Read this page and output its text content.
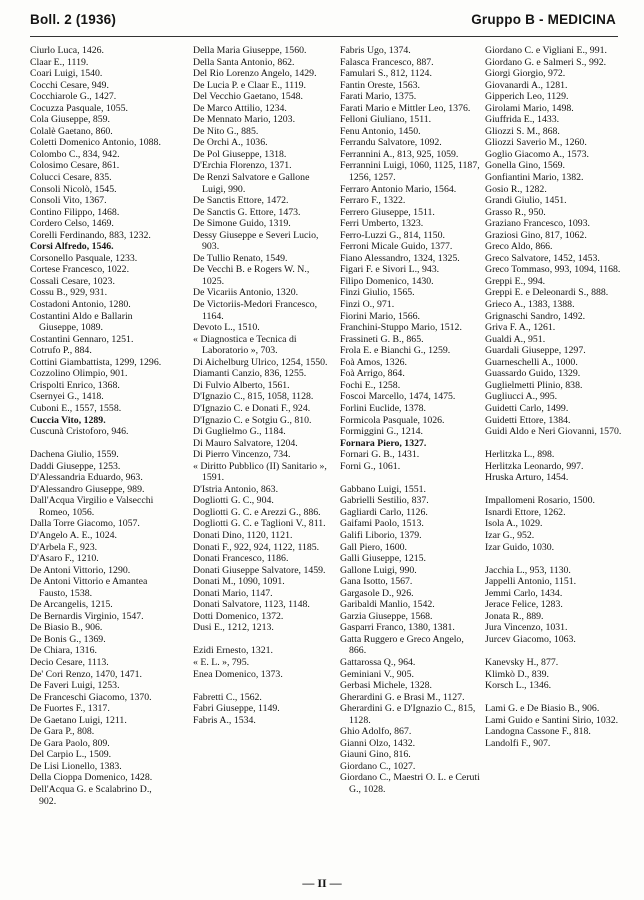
Boll. 2 (1936)	Gruppo B - MEDICINA
Ciurlo Luca, 1426.
Claar E., 1119.
Coari Luigi, 1540.
Cocchi Cesare, 949.
Cocchiarole G., 1427.
Cocuzza Pasquale, 1055.
Cola Giuseppe, 859.
Colalè Gaetano, 860.
Coletti Domenico Antonio, 1088.
Colombo C., 834, 942.
Colosimo Cesare, 861.
Colucci Cesare, 835.
Consoli Nicolò, 1545.
Consoli Vito, 1367.
Contino Filippo, 1468.
Cordero Celso, 1469.
Corelli Ferdinando, 883, 1232.
Corsi Alfredo, 1546.
Corsonello Pasquale, 1233.
Cortese Francesco, 1022.
Cossali Cesare, 1023.
Cossu B., 929, 931.
Costadoni Antonio, 1280.
Costantini Aldo e Ballarin Giuseppe, 1089.
Costantini Gennaro, 1251.
Cotrufo P., 884.
Cottini Giambattista, 1299, 1296.
Cozzolino Olimpio, 901.
Crispolti Enrico, 1368.
Csernyei G., 1418.
Cuboni E., 1557, 1558.
Cuccia Vito, 1289.
Cuscunà Cristoforo, 946.
Dachena Giulio, 1559.
Daddi Giuseppe, 1253.
D'Alessandria Eduardo, 963.
D'Alessandro Giuseppe, 989.
Dall'Acqua Virgilio e Valsecchi Romeo, 1056.
Dalla Torre Giacomo, 1057.
D'Angelo A. E., 1024.
D'Arbela F., 923.
D'Asaro F., 1210.
De Antoni Vittorio, 1290.
De Antoni Vittorio e Amantea Fausto, 1538.
De Arcangelis, 1215.
De Bernardis Virginio, 1547.
De Biasio B., 906.
De Bonis G., 1369.
De Chiara, 1316.
Decio Cesare, 1113.
De' Cori Renzo, 1470, 1471.
De Faveri Luigi, 1253.
De Franceschi Giacomo, 1370.
De Fuortes F., 1317.
De Gaetano Luigi, 1211.
De Gara P., 808.
De Gara Paolo, 809.
Del Carpio L., 1509.
De Lisi Lionello, 1383.
Della Cioppa Domenico, 1428.
Dell'Acqua G. e Scalabrino D., 902.
Della Maria Giuseppe, 1560.
Della Santa Antonio, 862.
Del Rio Lorenzo Angelo, 1429.
De Lucia P. e Claar E., 1119.
Del Vecchio Gaetano, 1548.
De Marco Attilio, 1234.
De Mennato Mario, 1203.
De Nito G., 885.
De Orchi A., 1036.
De Pol Giuseppe, 1318.
D'Erchia Florenzo, 1371.
De Renzi Salvatore e Gallone Luigi, 990.
De Sanctis Ettore, 1472.
De Sanctis G. Ettore, 1473.
De Simone Guido, 1319.
Dessy Giuseppe e Severi Lucio, 903.
De Tullio Renato, 1549.
De Vecchi B. e Rogers W. N., 1025.
De Vicariis Antonio, 1320.
De Victoriis-Medori Francesco, 1164.
Devoto L., 1510.
« Diagnostica e Tecnica di Laboratorio », 703.
Di Aichelburg Ulrico, 1254, 1550.
Diamanti Canzio, 836, 1255.
Di Fulvio Alberto, 1561.
D'Ignazio C., 815, 1058, 1128.
D'Ignazio C. e Donati F., 924.
D'Ignazio C. e Sotgiu G., 810.
Di Guglielmo G., 1184.
Di Mauro Salvatore, 1204.
Di Pierro Vincenzo, 734.
« Diritto Pubblico (II) Sanitario », 1591.
D'Istria Antonio, 863.
Dogliotti G. C., 904.
Dogliotti G. C. e Arezzi G., 886.
Dogliotti G. C. e Taglioni V., 811.
Donati Dino, 1120, 1121.
Donati F., 922, 924, 1122, 1185.
Donati Francesco, 1186.
Donati Giuseppe Salvatore, 1459.
Donati M., 1090, 1091.
Donati Mario, 1147.
Donati Salvatore, 1123, 1148.
Dotti Domenico, 1372.
Dusi E., 1212, 1213.
Ezidi Ernesto, 1321.
« E. L. », 795.
Enea Domenico, 1373.
Fabretti C., 1562.
Fabri Giuseppe, 1149.
Fabris A., 1534.
Fabris Ugo, 1374.
Falasca Francesco, 887.
Famulari S., 812, 1124.
Fantin Oreste, 1563.
Farati Mario, 1375.
Farati Mario e Mittler Leo, 1376.
Felloni Giuliano, 1511.
Fenu Antonio, 1450.
Ferrandu Salvatore, 1092.
Ferrannini A., 813, 925, 1059.
Ferrannini Luigi, 1060, 1125, 1187, 1256, 1257.
Ferraro Antonio Mario, 1564.
Ferraro F., 1322.
Ferrero Giuseppe, 1511.
Ferri Umberto, 1323.
Ferro-Luzzi G., 814, 1150.
Ferroni Micale Guido, 1377.
Fiano Alessandro, 1324, 1325.
Figari F. e Sivori L., 943.
Filipo Domenico, 1430.
Finzi Giulio, 1565.
Finzi O., 971.
Fiorini Mario, 1566.
Franchini-Stuppo Mario, 1512.
Frassineti G. B., 865.
Frola E. e Bianchi G., 1259.
Foà Amos, 1326.
Foà Arrigo, 864.
Fochi E., 1258.
Foscoi Marcello, 1474, 1475.
Forlini Euclide, 1378.
Formicola Pasquale, 1026.
Formiggini G., 1214.
Fornara Piero, 1327.
Fornari G. B., 1431.
Forni G., 1061.
Gabbano Luigi, 1551.
Gabrielli Sestilio, 837.
Gagliardi Carlo, 1126.
Gaifami Paolo, 1513.
Galifi Liborio, 1379.
Gall Piero, 1600.
Galli Giuseppe, 1215.
Gallone Luigi, 990.
Gana Isotto, 1567.
Gargasole D., 926.
Garibaldi Manlio, 1542.
Garzia Giuseppe, 1568.
Gasparri Franco, 1380, 1381.
Gatta Ruggero e Greco Angelo, 866.
Gattarossa Q., 964.
Geminiani V., 905.
Gerbasi Michele, 1328.
Gherardini G. e Brasi M., 1127.
Gherardini G. e D'Ignazio C., 815, 1128.
Ghio Adolfo, 867.
Gianni Olzo, 1432.
Giauni Gino, 816.
Giordano C., 1027.
Giordano C., Maestri O. L. e Ceruti G., 1028.
Giordano C. e Vigliani E., 991.
Giordano G. e Salmeri S., 992.
Giorgi Giorgio, 972.
Giovanardi A., 1281.
Gipperich Leo, 1129.
Girolami Mario, 1498.
Giuffrida E., 1433.
Gliozzi S. M., 868.
Gliozzi Saverio M., 1260.
Goglio Giacomo A., 1573.
Gonella Gino, 1569.
Gonfiantini Mario, 1382.
Gosio R., 1282.
Grandi Giulio, 1451.
Grasso R., 950.
Graziano Francesco, 1093.
Graziosi Gino, 817, 1062.
Greco Aldo, 866.
Greco Salvatore, 1452, 1453.
Greco Tommaso, 993, 1094, 1168.
Greppi E., 994.
Greppi E. e Deleonardi S., 888.
Grieco A., 1383, 1388.
Grignaschi Sandro, 1492.
Griva F. A., 1261.
Gualdi A., 951.
Guardali Giuseppe, 1297.
Guarneschelli A., 1000.
Guassardo Guido, 1329.
Guglielmetti Plinio, 838.
Gugliucci A., 995.
Guidetti Carlo, 1499.
Guidetti Ettore, 1384.
Guidi Aldo e Neri Giovanni, 1570.
Herlitzka L., 898.
Herlitzka Leonardo, 997.
Hruska Arturo, 1454.
Impallomeni Rosario, 1500.
Isnardi Ettore, 1262.
Isola A., 1029.
Izar G., 952.
Izar Guido, 1030.
Jacchia L., 953, 1130.
Jappelli Antonio, 1151.
Jemmi Carlo, 1434.
Jerace Felice, 1283.
Jonata R., 889.
Jura Vincenzo, 1031.
Jurcev Giacomo, 1063.
Kanevsky H., 877.
Klimkò D., 839.
Korsch L., 1346.
Lami G. e De Biasio B., 906.
Lami Guido e Santini Sirio, 1032.
Landogna Cassone F., 818.
Landolfi F., 907.
— II —
